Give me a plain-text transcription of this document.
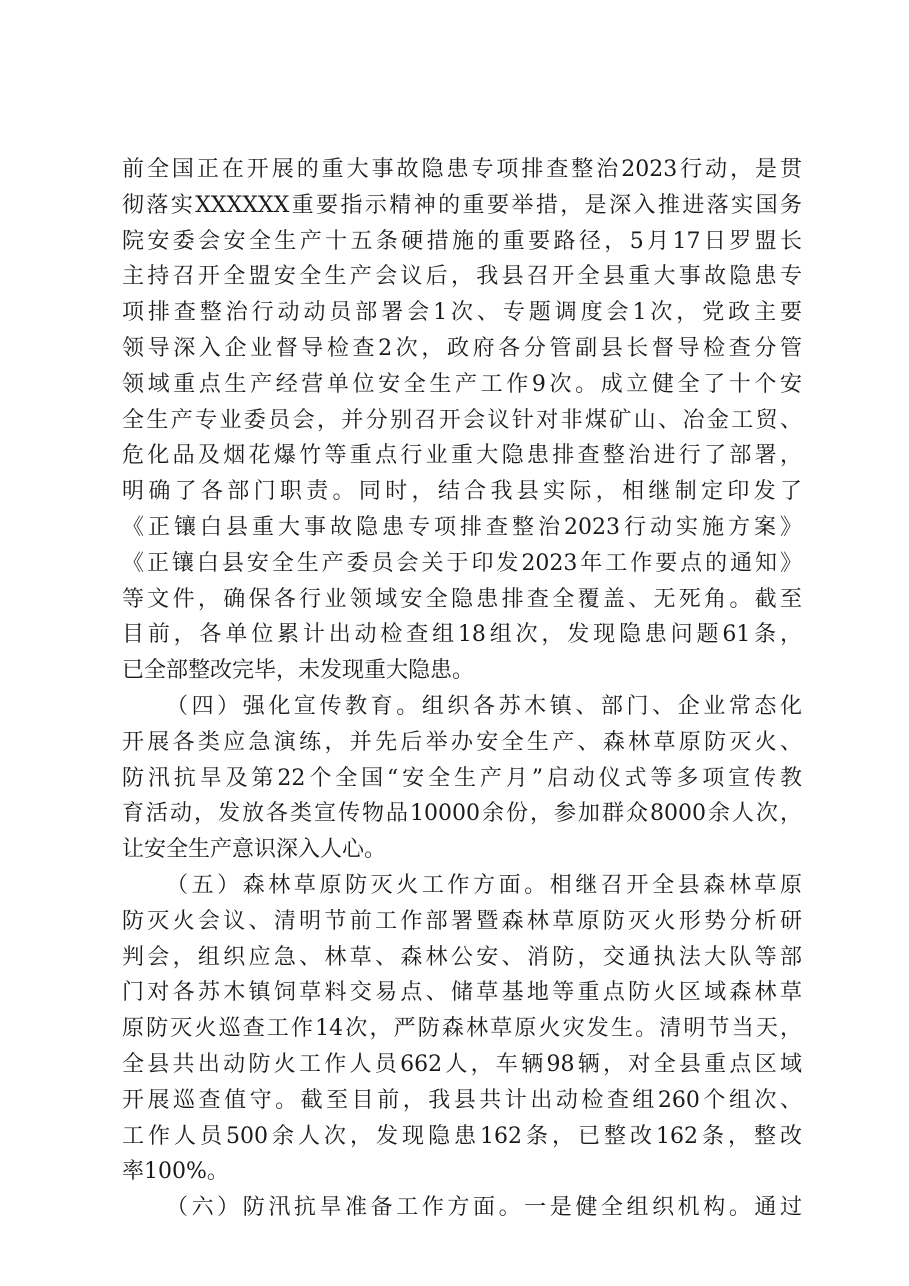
前全国正在开展的重大事故隐患专项排查整治2023行动，是贯
彻落实XXXXXX重要指示精神的重要举措，是深入推进落实国务
院安委会安全生产十五条硬措施的重要路径，5月17日罗盟长
主持召开全盟安全生产会议后，我县召开全县重大事故隐患专
项排查整治行动动员部署会1次、专题调度会1次，党政主要
领导深入企业督导检查2次，政府各分管副县长督导检查分管
领域重点生产经营单位安全生产工作9次。成立健全了十个安
全生产专业委员会，并分别召开会议针对非煤矿山、冶金工贸、
危化品及烟花爆竹等重点行业重大隐患排查整治进行了部署，
明确了各部门职责。同时，结合我县实际，相继制定印发了
《正镶白县重大事故隐患专项排查整治2023行动实施方案》
《正镶白县安全生产委员会关于印发2023年工作要点的通知》
等文件，确保各行业领域安全隐患排查全覆盖、无死角。截至
目前，各单位累计出动检查组18组次，发现隐患问题61条，
已全部整改完毕，未发现重大隐患。
（四）强化宣传教育。组织各苏木镇、部门、企业常态化
开展各类应急演练，并先后举办安全生产、森林草原防灭火、
防汛抗旱及第22个全国“安全生产月”启动仪式等多项宣传教
育活动，发放各类宣传物品10000余份，参加群众8000余人次，
让安全生产意识深入人心。
（五）森林草原防灭火工作方面。相继召开全县森林草原
防灭火会议、清明节前工作部署暨森林草原防灭火形势分析研
判会，组织应急、林草、森林公安、消防，交通执法大队等部
门对各苏木镇饲草料交易点、储草基地等重点防火区域森林草
原防灭火巡查工作14次，严防森林草原火灾发生。清明节当天，
全县共出动防火工作人员662人，车辆98辆，对全县重点区域
开展巡查值守。截至目前，我县共计出动检查组260个组次、
工作人员500余人次，发现隐患162条，已整改162条，整改
率100%。
（六）防汛抗旱准备工作方面。一是健全组织机构。通过
